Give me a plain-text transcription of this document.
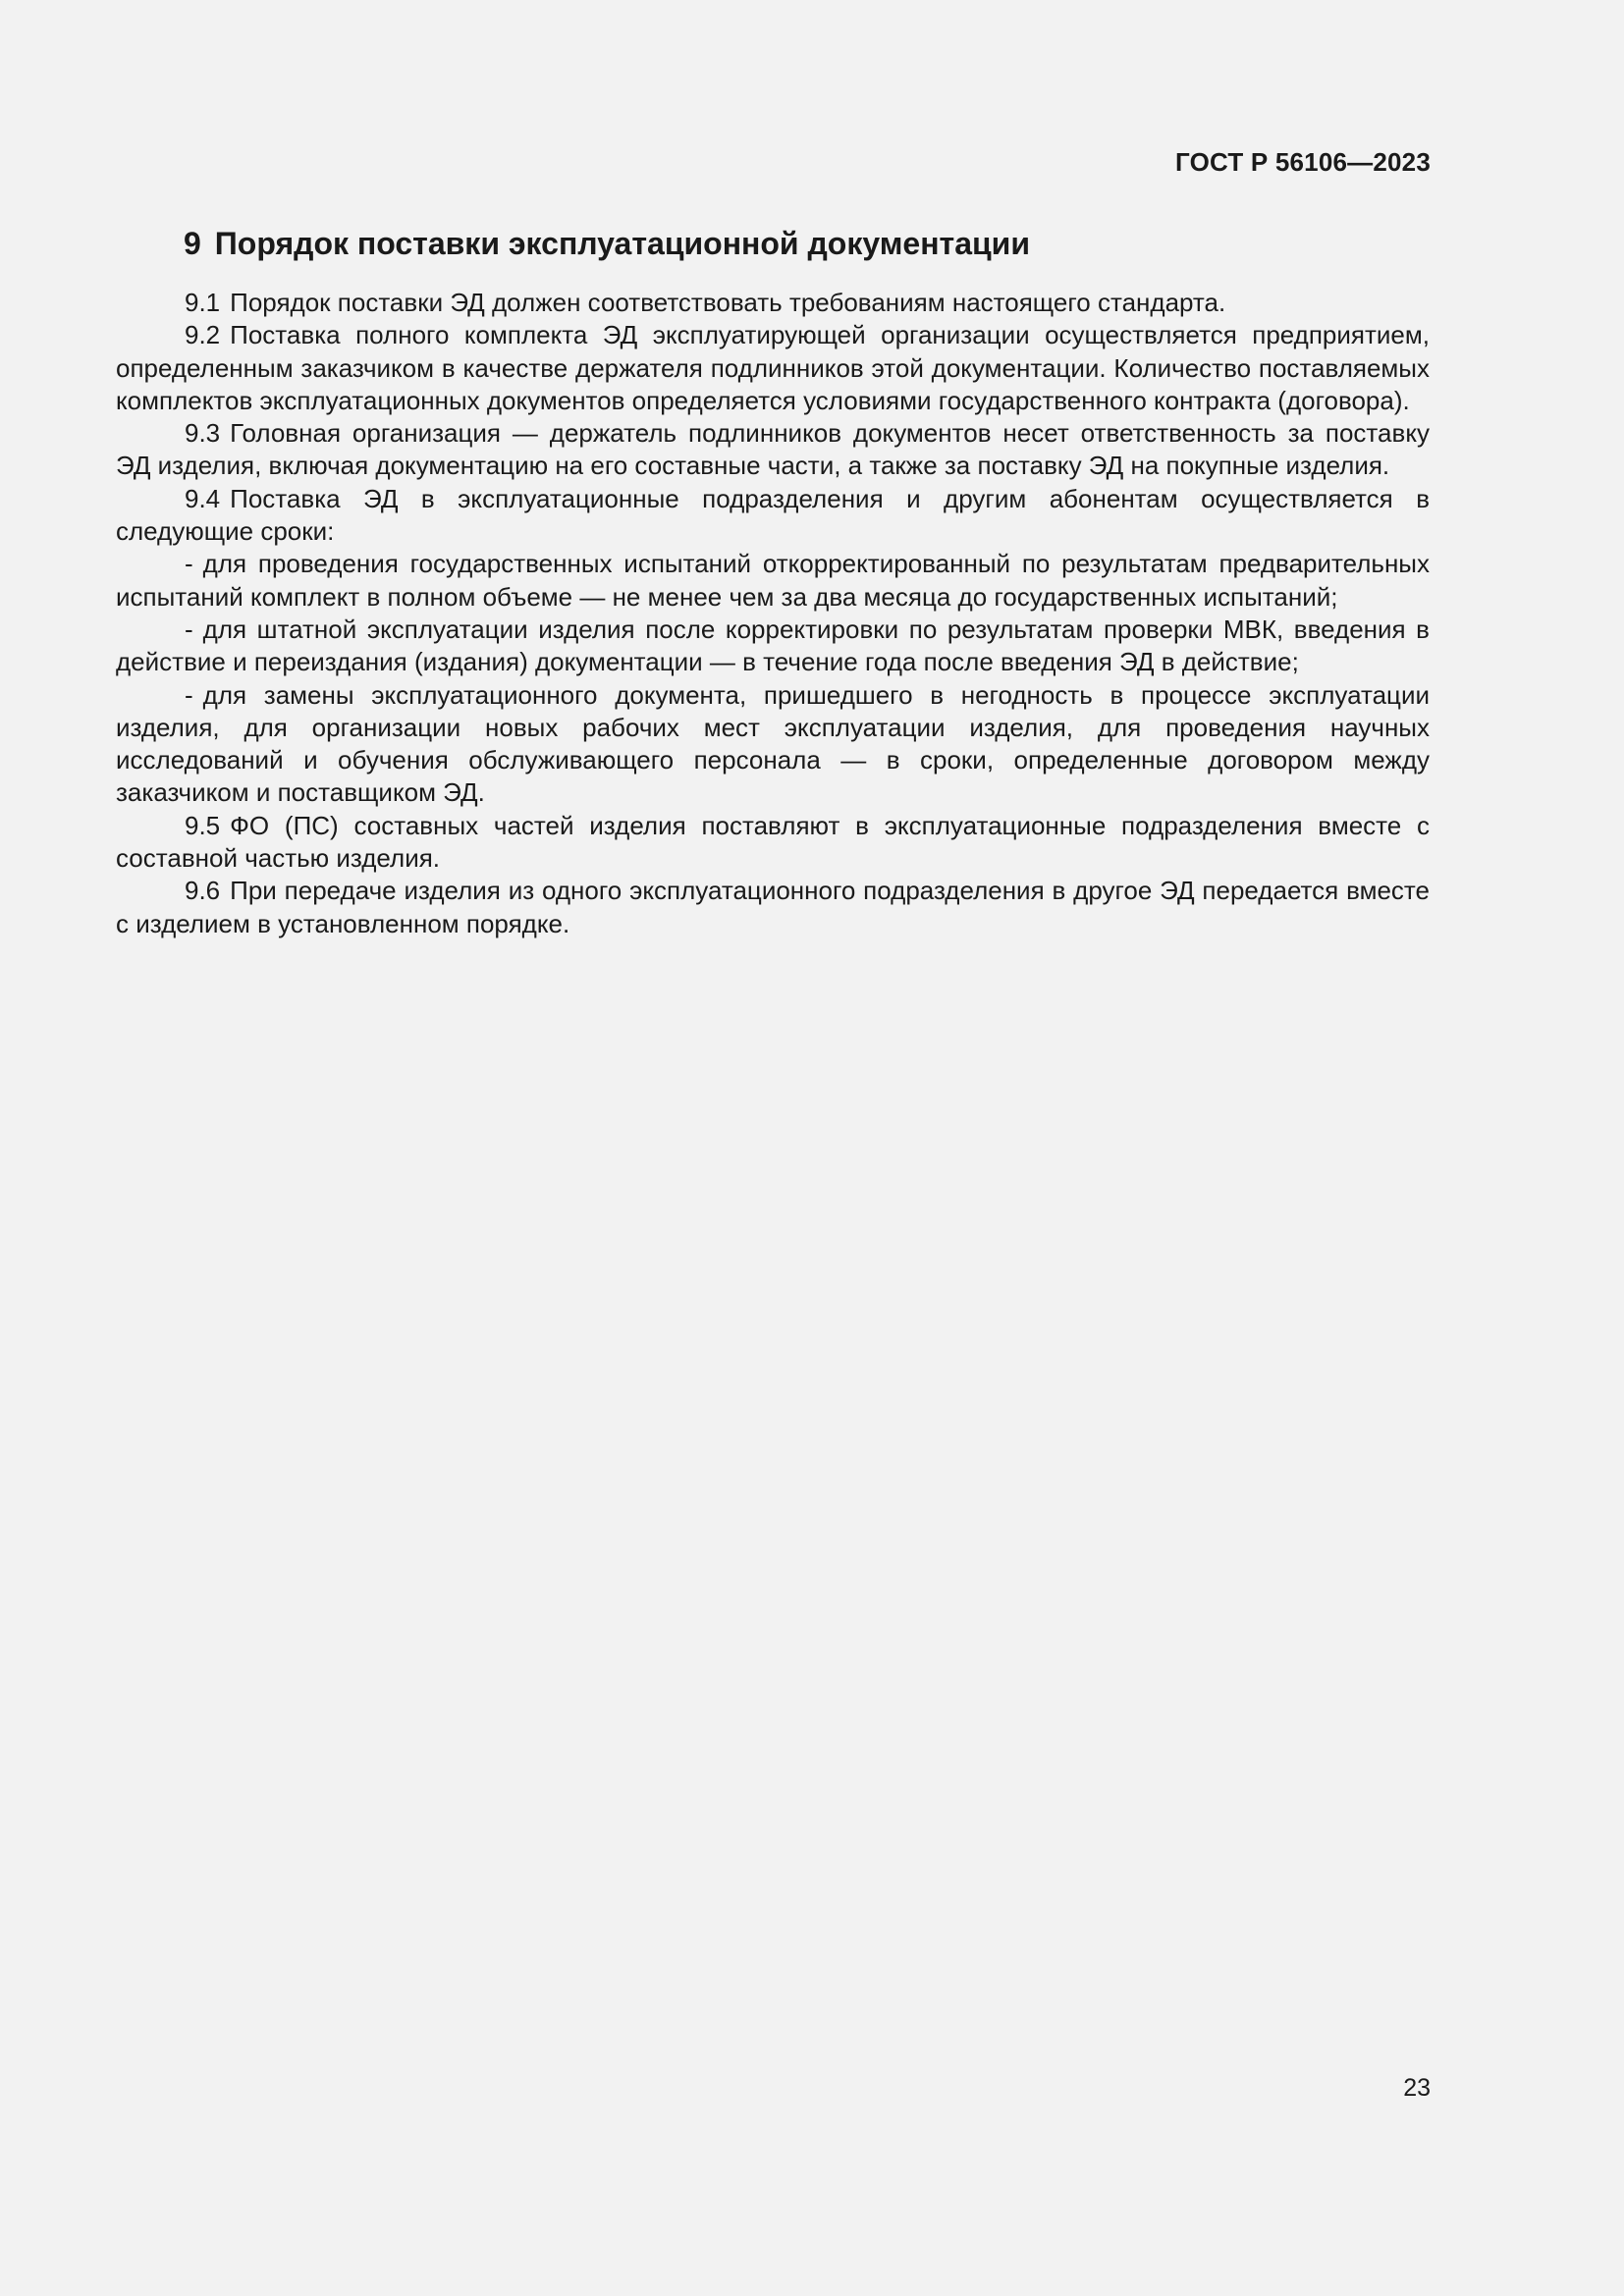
ГОСТ Р 56106—2023
9 Порядок поставки эксплуатационной документации

9.1 Порядок поставки ЭД должен соответствовать требованиям настоящего стандарта.

9.2 Поставка полного комплекта ЭД эксплуатирующей организации осуществляется предприятием, определенным заказчиком в качестве держателя подлинников этой документации. Количество поставляемых комплектов эксплуатационных документов определяется условиями государственного контракта (договора).

9.3 Головная организация — держатель подлинников документов несет ответственность за поставку ЭД изделия, включая документацию на его составные части, а также за поставку ЭД на покупные изделия.

9.4 Поставка ЭД в эксплуатационные подразделения и другим абонентам осуществляется в следующие сроки:

- для проведения государственных испытаний откорректированный по результатам предварительных испытаний комплект в полном объеме — не менее чем за два месяца до государственных испытаний;

- для штатной эксплуатации изделия после корректировки по результатам проверки МВК, введения в действие и переиздания (издания) документации — в течение года после введения ЭД в действие;

- для замены эксплуатационного документа, пришедшего в негодность в процессе эксплуатации изделия, для организации новых рабочих мест эксплуатации изделия, для проведения научных исследований и обучения обслуживающего персонала — в сроки, определенные договором между заказчиком и поставщиком ЭД.

9.5 ФО (ПС) составных частей изделия поставляют в эксплуатационные подразделения вместе с составной частью изделия.

9.6 При передаче изделия из одного эксплуатационного подразделения в другое ЭД передается вместе с изделием в установленном порядке.

23
